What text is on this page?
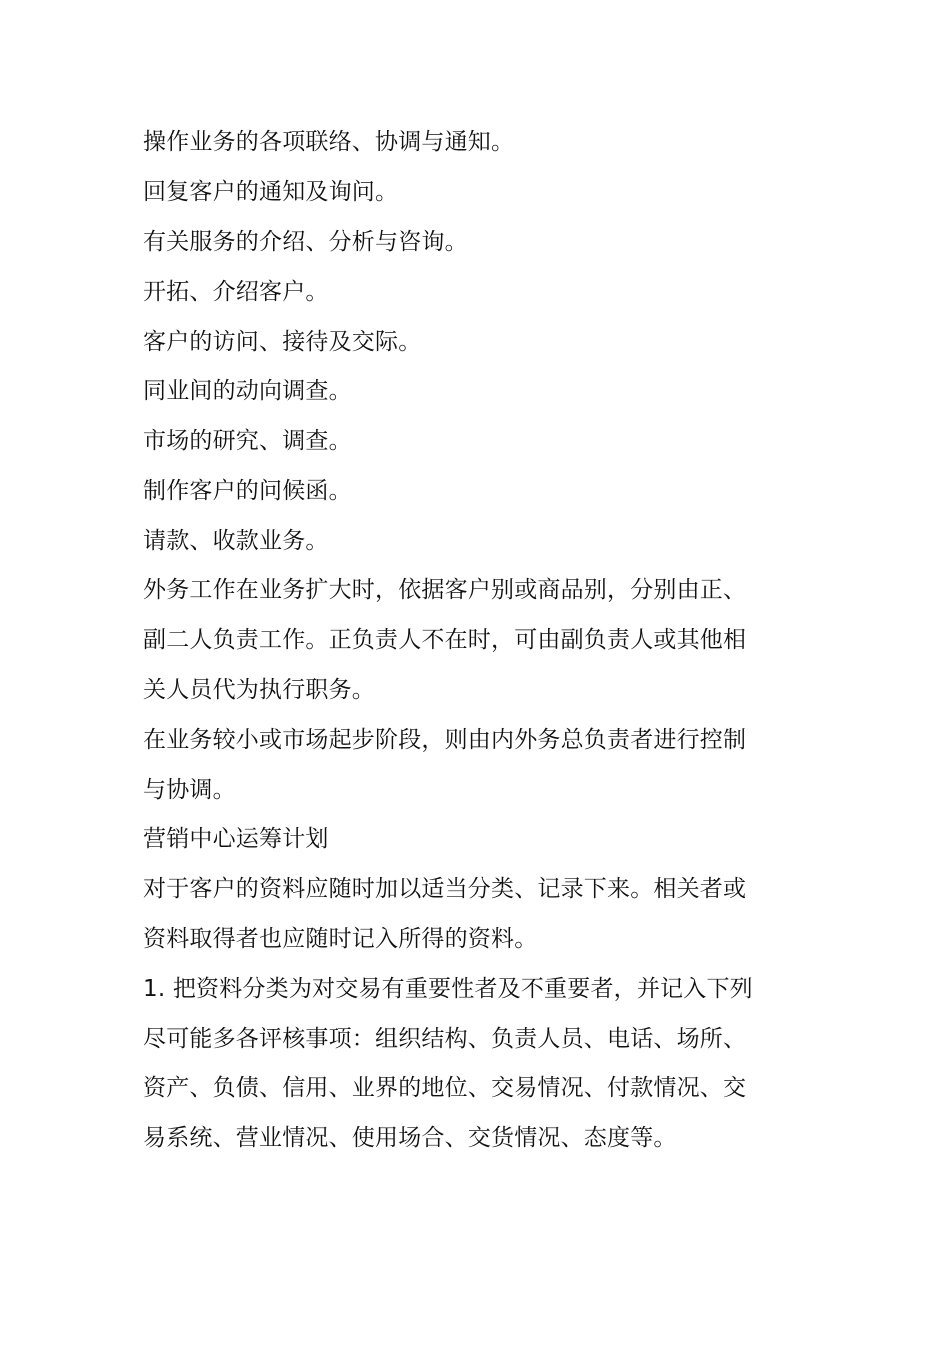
操作业务的各项联络、协调与通知。
回复客户的通知及询问。
有关服务的介绍、分析与咨询。
开拓、介绍客户。
客户的访问、接待及交际。
同业间的动向调查。
市场的研究、调查。
制作客户的问候函。
请款、收款业务。
外务工作在业务扩大时，依据客户别或商品别，分别由正、
副二人负责工作。正负责人不在时，可由副负责人或其他相
关人员代为执行职务。
在业务较小或市场起步阶段，则由内外务总负责者进行控制
与协调。
营销中心运筹计划
对于客户的资料应随时加以适当分类、记录下来。相关者或
资料取得者也应随时记入所得的资料。
1. 把资料分类为对交易有重要性者及不重要者，并记入下列
尽可能多各评核事项：组织结构、负责人员、电话、场所、
资产、负债、信用、业界的地位、交易情况、付款情况、交
易系统、营业情况、使用场合、交货情况、态度等。
